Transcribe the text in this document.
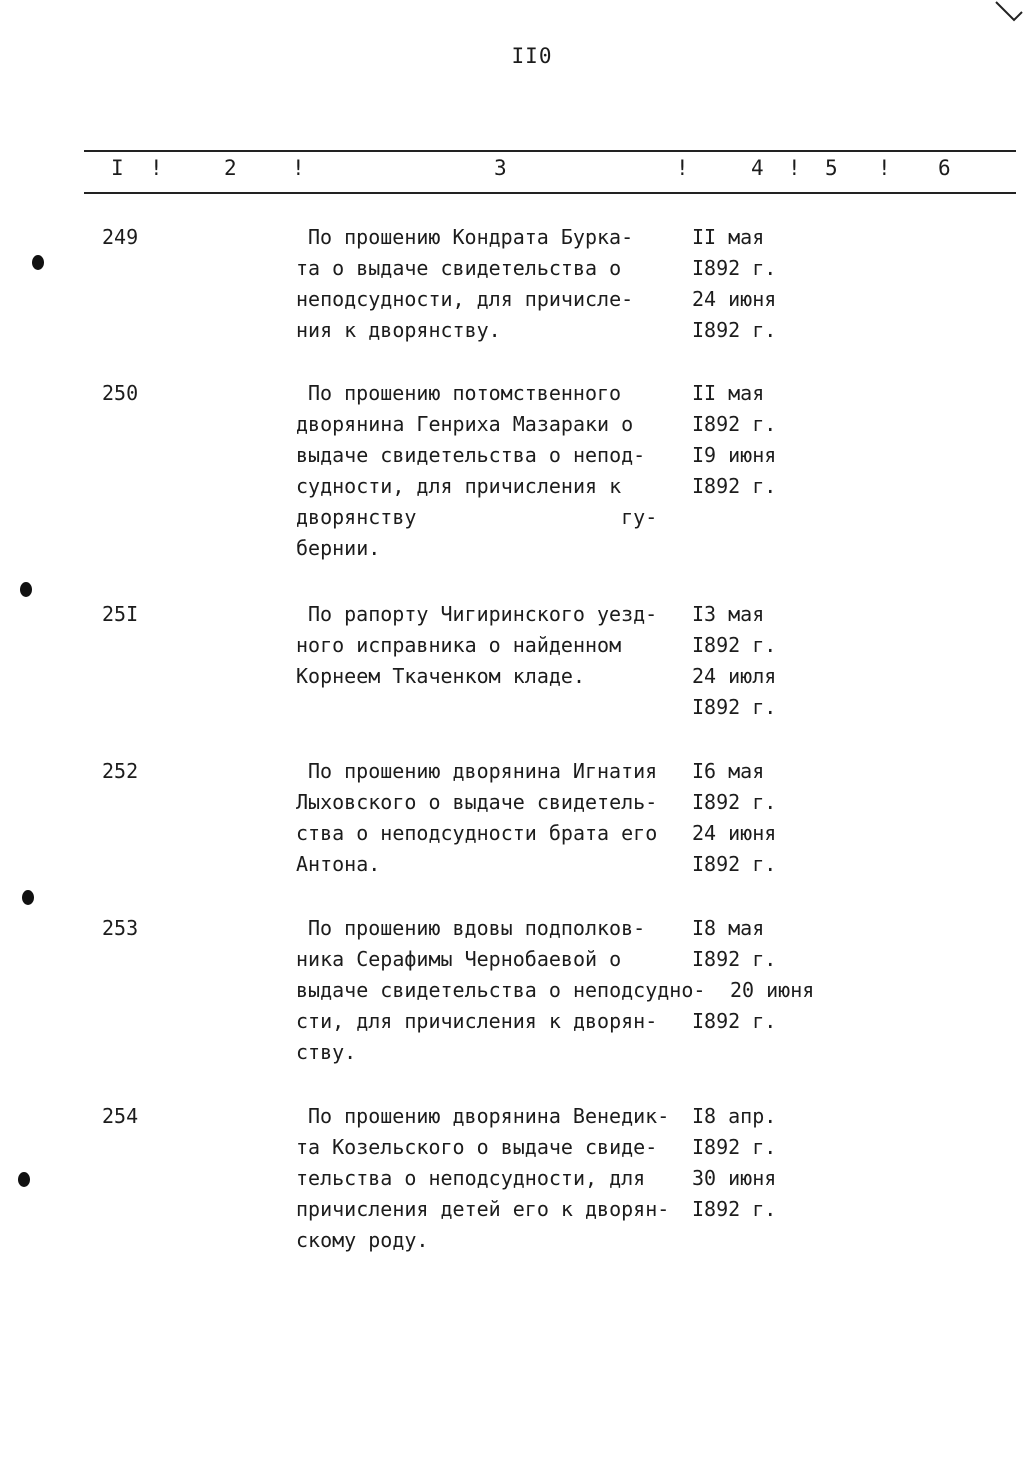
II0
I !	2	!	3	!	4 ! 5 ! 6
249	По прошению Кондрата Бурка-
та о выдаче свидетельства о
неподсудности, для причисле-
ния к дворянству.
II мая
I892 г.
24 июня
I892 г.
250	По прошению потомственного
дворянина Генриха Мазараки о
выдаче свидетельства о непод-
судности, для причисления к
дворянству                 гу-
бернии.
II мая
I892 г.
I9 июня
I892 г.
25I	По рапорту Чигиринского уезд-
ного исправника о найденном
Корнеем Ткаченком кладе.
I3 мая
I892 г.
24 июля
I892 г.
252	По прошению дворянина Игнатия
Лыховского о выдаче свидетель-
ства о неподсудности брата его
Антона.
I6 мая
I892 г.
24 июня
I892 г.
253	По прошению вдовы подполков-
ника Серафимы Чернобаевой о
выдаче свидетельства о неподсудно-
сти, для причисления к дворян-
ству.
I8 мая
I892 г.
20 июня
I892 г.
254	По прошению дворянина Венедик-
та Козельского о выдаче свиде-
тельства о неподсудности, для
причисления детей его к дворян-
скому роду.
I8 апр.
I892 г.
30 июня
I892 г.
